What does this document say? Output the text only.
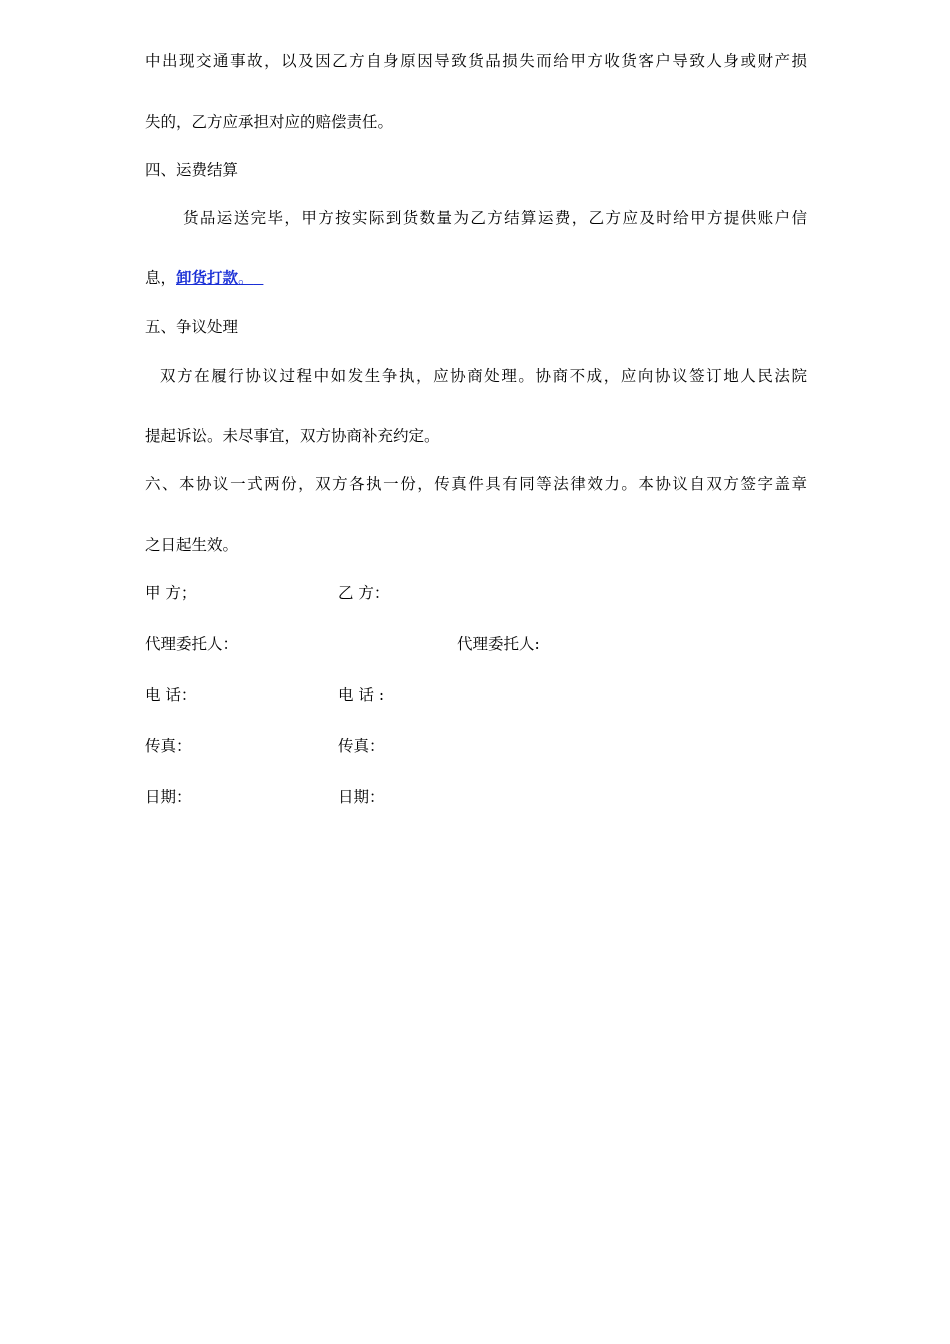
中出现交通事故，以及因乙方自身原因导致货品损失而给甲方收货客户导致人身或财产损
失的，乙方应承担对应的赔偿责任。
四、运费结算
货品运送完毕，甲方按实际到货数量为乙方结算运费，乙方应及时给甲方提供账户信
息，卸货打款。
五、争议处理
双方在履行协议过程中如发生争执，应协商处理。协商不成，应向协议签订地人民法院
提起诉讼。未尽事宜，双方协商补充约定。
六、本协议一式两份，双方各执一份，传真件具有同等法律效力。本协议自双方签字盖章
之日起生效。
甲 方；	乙 方：
代理委托人：	代理委托人:
电 话：	电 话 :
传真：	传真：
日期：	日期：
